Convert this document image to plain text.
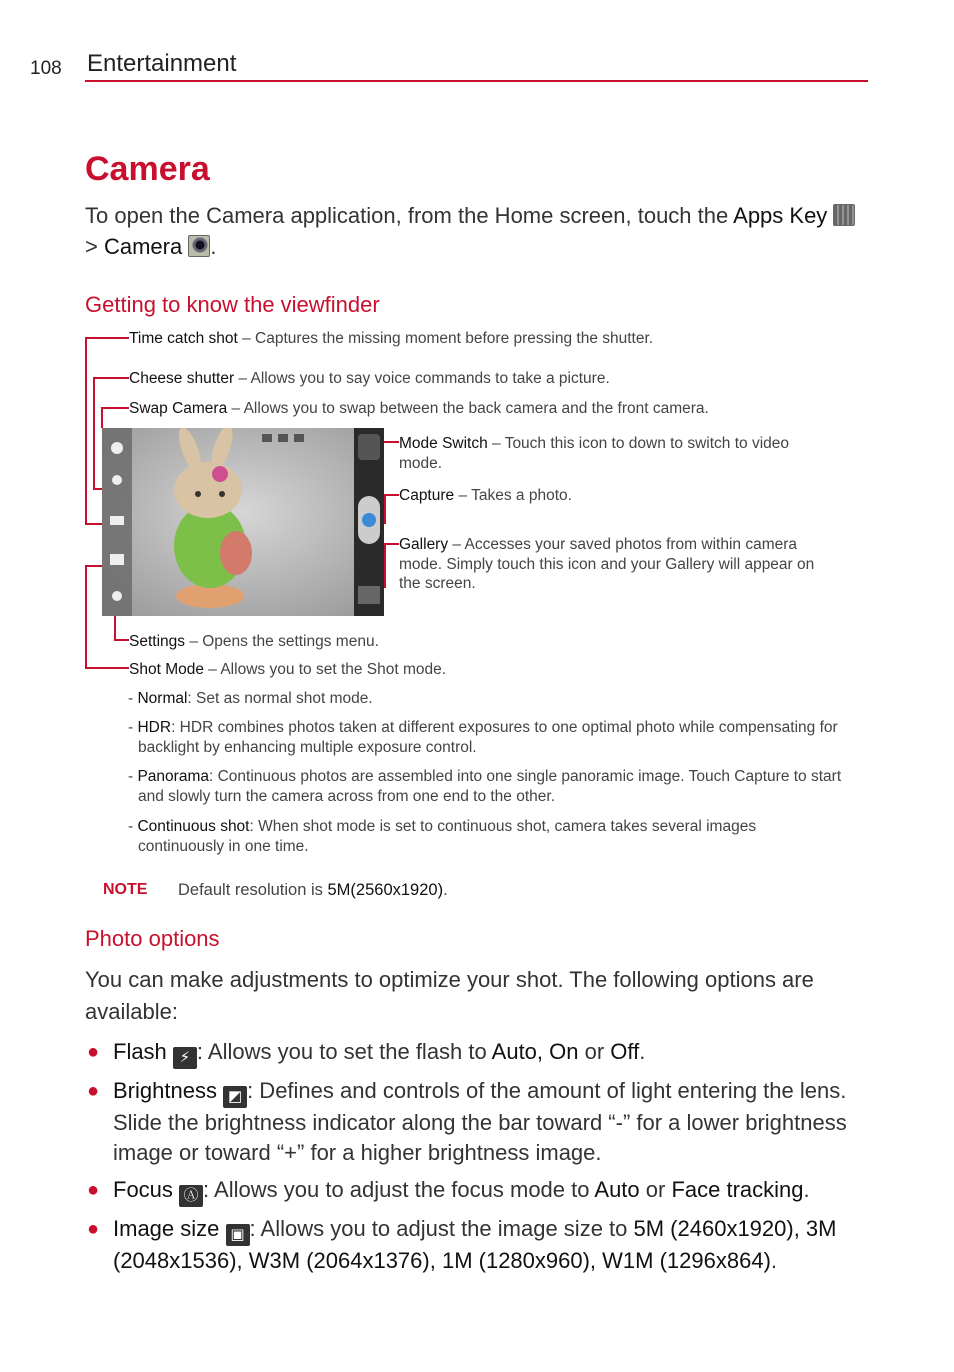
108 Entertainment
Camera
To open the Camera application, from the Home screen, touch the Apps Key  > Camera .
Getting to know the viewfinder
Time catch shot – Captures the missing moment before pressing the shutter.
Cheese shutter – Allows you to say voice commands to take a picture.
Swap Camera – Allows you to swap between the back camera and the front camera.
Mode Switch – Touch this icon to down to switch to video mode.
Capture – Takes a photo.
Gallery – Accesses your saved photos from within camera mode. Simply touch this icon and your Gallery will appear on the screen.
Settings – Opens the settings menu.
Shot Mode – Allows you to set the Shot mode.
- Normal: Set as normal shot mode.
- HDR: HDR combines photos taken at different exposures to one optimal photo while compensating for backlight by enhancing multiple exposure control.
- Panorama: Continuous photos are assembled into one single panoramic image. Touch Capture to start and slowly turn the camera across from one end to the other.
- Continuous shot: When shot mode is set to continuous shot, camera takes several images continuously in one time.
NOTE Default resolution is 5M(2560x1920).
Photo options
You can make adjustments to optimize your shot. The following options are available:
● Flash ⚡ : Allows you to set the flash to Auto, On or Off.
● Brightness ◩ : Defines and controls of the amount of light entering the lens. Slide the brightness indicator along the bar toward “-” for a lower brightness image or toward “+” for a higher brightness image.
● Focus Ⓐ : Allows you to adjust the focus mode to Auto or Face tracking.
● Image size ▣ : Allows you to adjust the image size to 5M (2460x1920), 3M (2048x1536), W3M (2064x1376), 1M (1280x960), W1M (1296x864).
